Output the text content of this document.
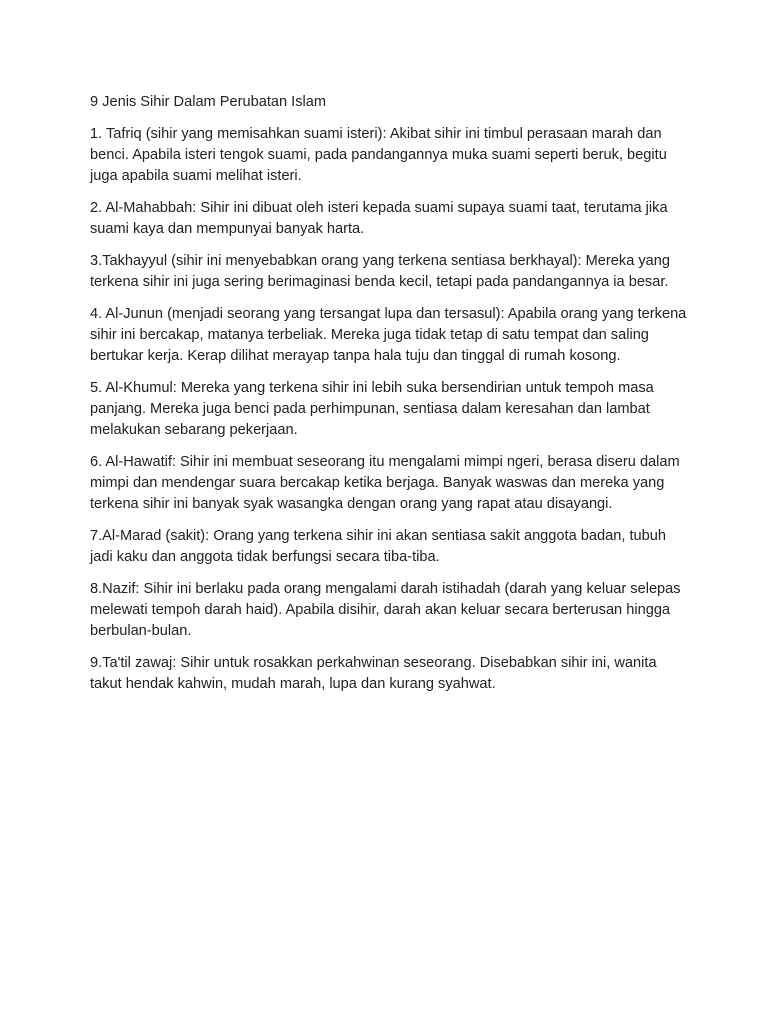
9 Jenis Sihir Dalam Perubatan Islam

1. Tafriq (sihir yang memisahkan suami isteri): Akibat sihir ini timbul perasaan marah dan benci. Apabila isteri tengok suami, pada pandangannya muka suami seperti beruk, begitu juga apabila suami melihat isteri.

2. Al-Mahabbah: Sihir ini dibuat oleh isteri kepada suami supaya suami taat, terutama jika suami kaya dan mempunyai banyak harta.

3.Takhayyul (sihir ini menyebabkan orang yang terkena sentiasa berkhayal): Mereka yang terkena sihir ini juga sering berimaginasi benda kecil, tetapi pada pandangannya ia besar.

4. Al-Junun (menjadi seorang yang tersangat lupa dan tersasul): Apabila orang yang terkena sihir ini bercakap, matanya terbeliak. Mereka juga tidak tetap di satu tempat dan saling bertukar kerja. Kerap dilihat merayap tanpa hala tuju dan tinggal di rumah kosong.

5. Al-Khumul: Mereka yang terkena sihir ini lebih suka bersendirian untuk tempoh masa panjang. Mereka juga benci pada perhimpunan, sentiasa dalam keresahan dan lambat melakukan sebarang pekerjaan.

6. Al-Hawatif: Sihir ini membuat seseorang itu mengalami mimpi ngeri, berasa diseru dalam mimpi dan mendengar suara bercakap ketika berjaga. Banyak waswas dan mereka yang terkena sihir ini banyak syak wasangka dengan orang yang rapat atau disayangi.

7.Al-Marad (sakit): Orang yang terkena sihir ini akan sentiasa sakit anggota badan, tubuh jadi kaku dan anggota tidak berfungsi secara tiba-tiba.

8.Nazif: Sihir ini berlaku pada orang mengalami darah istihadah (darah yang keluar selepas melewati tempoh darah haid). Apabila disihir, darah akan keluar secara berterusan hingga berbulan-bulan.

9.Ta'til zawaj: Sihir untuk rosakkan perkahwinan seseorang. Disebabkan sihir ini, wanita takut hendak kahwin, mudah marah, lupa dan kurang syahwat.
